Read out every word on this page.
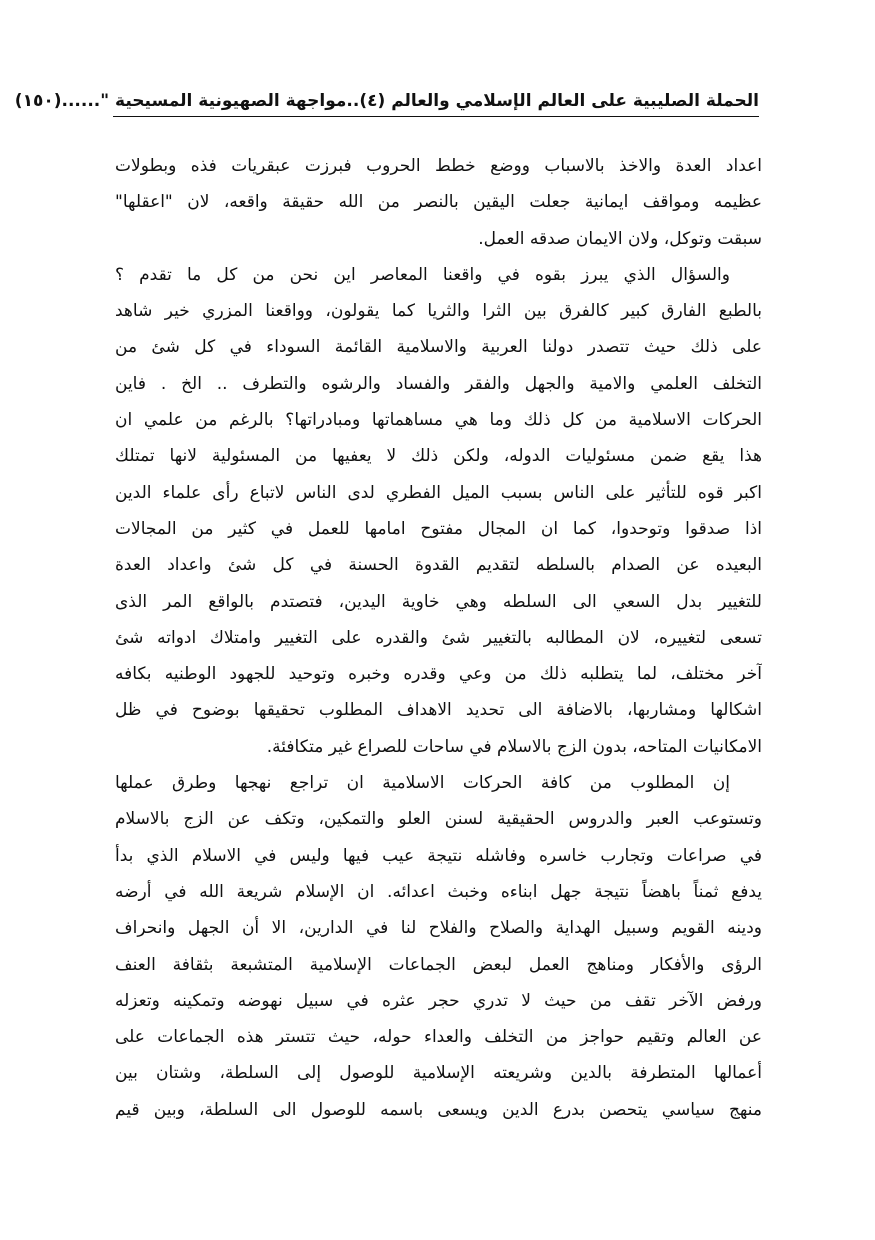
الحملة الصليبية على العالم الإسلامي والعالم (٤)..مواجهة الصهيونية المسيحية "......
(١٥٠)
اعداد العدة والاخذ بالاسباب ووضع خطط الحروب فبرزت عبقريات فذه وبطولات
عظيمه ومواقف ايمانية جعلت اليقين بالنصر من الله حقيقة واقعه، لان "اعقلها"
سبقت وتوكل، ولان الايمان صدقه العمل.
والسؤال الذي يبرز بقوه في واقعنا المعاصر اين نحن من كل ما تقدم ؟
بالطبع الفارق كبير كالفرق بين الثرا والثريا كما يقولون، وواقعنا المزري خير شاهد
على ذلك حيث تتصدر دولنا العربية والاسلامية القائمة السوداء في كل شئ من
التخلف العلمي والامية والجهل والفقر والفساد والرشوه والتطرف .. الخ . فاين
الحركات الاسلامية من كل ذلك وما هي مساهماتها ومبادراتها؟ بالرغم من علمي ان
هذا يقع ضمن مسئوليات الدوله، ولكن ذلك لا يعفيها من المسئولية لانها تمتلك
اكبر قوه للتأثير على الناس بسبب الميل الفطري لدى الناس لاتباع رأى علماء الدين
اذا صدقوا وتوحدوا، كما ان المجال مفتوح امامها للعمل في كثير من المجالات
البعيده عن الصدام بالسلطه لتقديم القدوة الحسنة في كل شئ واعداد العدة
للتغيير بدل السعي الى السلطه وهي خاوية اليدين، فتصتدم بالواقع المر الذى
تسعى لتغييره، لان المطالبه بالتغيير شئ والقدره على التغيير وامتلاك ادواته شئ
آخر مختلف، لما يتطلبه ذلك من وعي وقدره وخبره وتوحيد للجهود الوطنيه بكافه
اشكالها ومشاربها، بالاضافة الى تحديد الاهداف المطلوب تحقيقها بوضوح في ظل
الامكانيات المتاحه، بدون الزج بالاسلام في ساحات للصراع غير متكافئة.
إن المطلوب من كافة الحركات الاسلامية ان تراجع نهجها وطرق عملها
وتستوعب العبر والدروس الحقيقية لسنن العلو والتمكين، وتكف عن الزج بالاسلام
في صراعات وتجارب خاسره وفاشله نتيجة عيب فيها وليس في الاسلام الذي بدأ
يدفع ثمناً باهضاً نتيجة جهل ابناءه وخبث اعدائه. ان الإسلام شريعة الله في أرضه
ودينه القويم وسبيل الهداية والصلاح والفلاح لنا في الدارين، الا أن الجهل وانحراف
الرؤى والأفكار ومناهج العمل لبعض الجماعات الإسلامية المتشبعة بثقافة العنف
ورفض الآخر تقف من حيث لا تدري حجر عثره في سبيل نهوضه وتمكينه وتعزله
عن العالم وتقيم حواجز من التخلف والعداء حوله، حيث تتستر هذه الجماعات على
أعمالها المتطرفة بالدين وشريعته الإسلامية للوصول إلى السلطة، وشتان بين
منهج سياسي يتحصن بدرع الدين ويسعى باسمه للوصول الى السلطة، وبين قيم
